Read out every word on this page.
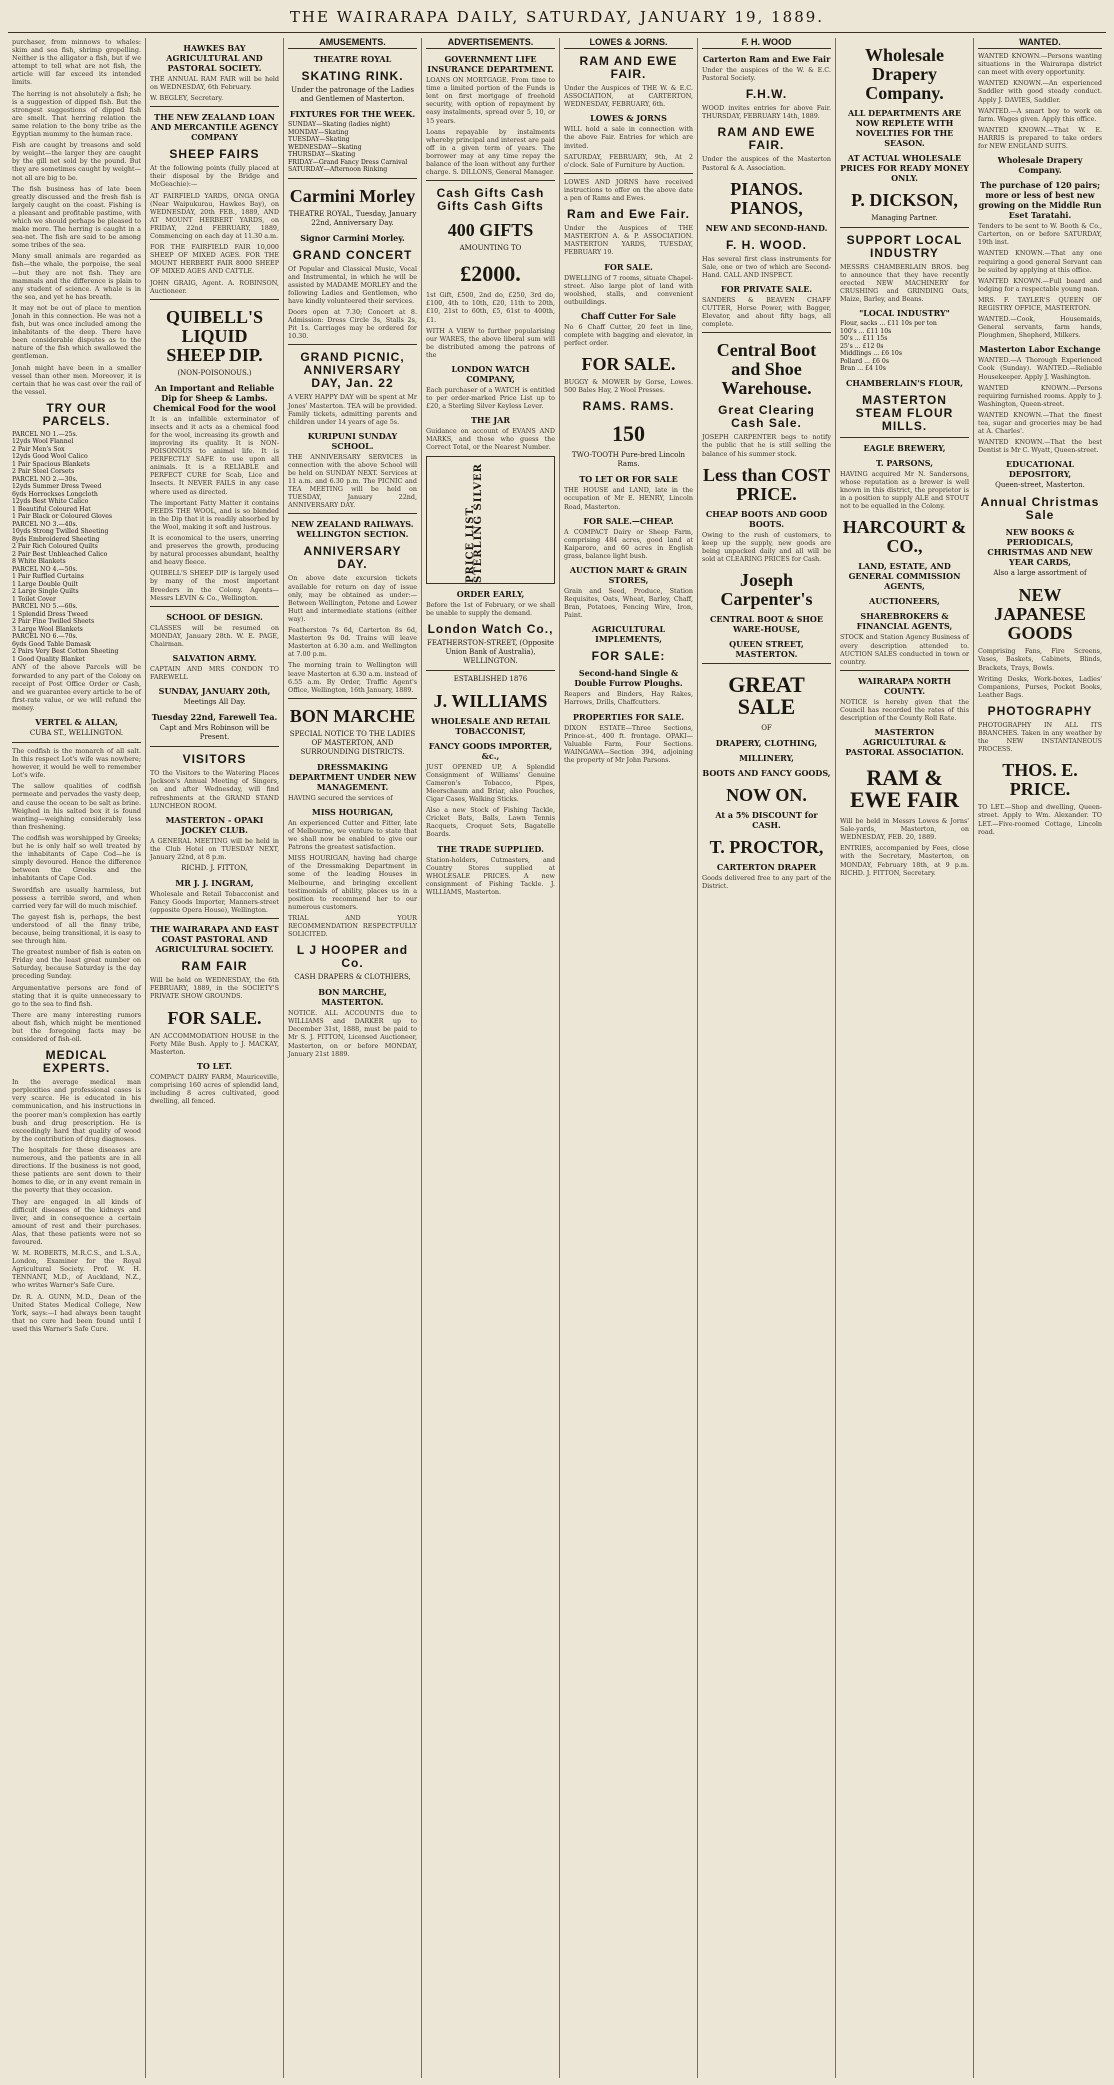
THE WAIRARAPA DAILY, SATURDAY, JANUARY 19, 1889.

purchaser, from minnows to whales: skim and sea fish, shrimp gropelling. Neither is the alligator a fish, but if we attempt to tell what are not fish, the article will far exceed its intended limits.

The herring is not absolutely a fish; he is a suggestion of dipped fish. But the strongest suggestions of dipped fish are smelt. That herring relation the same relation to the bony tribe as the Egyptian mummy to the human race.

Fish are caught by treasons and sold by weight—the larger they are caught by the gill net sold by the pound. But they are sometimes caught by weight—not all are big to be.

The fish business has of late been greatly discussed and the fresh fish is largely caught on the coast. Fishing is a pleasant and profitable pastime, with which we should perhaps be pleased to make more. The herring is caught in a sea-net. The fish are said to be among some tribes of the sea.

Many small animals are regarded as fish—the whale, the porpoise, the seal—but they are not fish. They are mammals and the difference is plain to any student of science. A whale is in the sea, and yet he has breath.

It may not be out of place to mention Jonah in this connection. He was not a fish, but was once included among the inhabitants of the deep. There have been considerable disputes as to the nature of the fish which swallowed the gentleman.

Jonah might have been in a smaller vessel than other men. Moreover, it is certain that he was cast over the rail of the vessel.

TRY OUR PARCELS.
PARCEL NO 1.—25s.
12yds Wool Flannel
2 Pair Men's Sox
12yds Good Wool Calico
1 Pair Spacious Blankets
2 Pair Steel Corsets
PARCEL NO 2.—30s.
12yds Summer Dress Tweed
6yds Horrockses Longcloth
12yds Best White Calico
1 Beautiful Coloured Hat
1 Pair Black or Coloured Gloves
PARCEL NO 3.—40s.
10yds Strong Twilled Sheeting
8yds Embroidered Sheeting
2 Pair Rich Coloured Quilts
2 Pair Best Unbleached Calico
8 White Blankets
PARCEL NO 4.—50s.
1 Pair Ruffled Curtains
1 Large Double Quilt
2 Large Single Quilts
1 Toilet Cover
PARCEL NO 5.—60s.
1 Splendid Dress Tweed
2 Pair Fine Twilled Sheets
3 Large Wool Blankets
PARCEL NO 6.—70s.
6yds Good Table Damask
2 Pairs Very Best Cotton Sheeting
1 Good Quality Blanket

ANY of the above Parcels will be forwarded to any part of the Colony on receipt of Post Office Order or Cash, and we guarantee every article to be of first-rate value, or we will refund the money.

VERTEL & ALLAN,
CUBA ST., WELLINGTON.

The codfish is the monarch of all salt. In this respect Lot's wife was nowhere; however, it would be well to remember Lot's wife.

The sallow qualities of codfish permeate and pervades the vasty deep, and cause the ocean to be salt as brine. Weighed in his salted box it is found wanting—weighing considerably less than freshening.

The codfish was worshipped by Greeks; but he is only half so well treated by the inhabitants of Cape Cod—he is simply devoured. Hence the difference between the Greeks and the inhabitants of Cape Cod.

Swordfish are usually harmless, but possess a terrible sword, and when carried very far will do much mischief.

The gayest fish is, perhaps, the best understood of all the finny tribe, because, being transitional, it is easy to see through him.

The greatest number of fish is eaten on Friday and the least great number on Saturday, because Saturday is the day preceding Sunday.

Argumentative persons are fond of stating that it is quite unnecessary to go to the sea to find fish.

There are many interesting rumors about fish, which might be mentioned but the foregoing facts may be considered of fish-oil.

MEDICAL EXPERTS.

In the average medical man perplexities and professional cases is very scarce. He is educated in his communication, and his instructions in the poorer man's complexion has eartly bush and drug prescription. He is exceedingly hard that quality of wood by the contribution of drug diagnoses.

The hospitals for these diseases are numerous, and the patients are in all directions. If the business is not good, these patients are sent down to their homes to die, or in any event remain in the poverty that they occasion.

They are engaged in all kinds of difficult diseases of the kidneys and liver, and in consequence a certain amount of rest and their purchases. Alas, that these patients were not so favoured.

W. M. ROBERTS, M.R.C.S., and L.S.A., London, Examiner for the Royal Agricultural Society. Prof. W. H. TENNANT, M.D., of Auckland, N.Z., who writes Warner's Safe Cure.

Dr. R. A. GUNN, M.D., Dean of the United States Medical College, New York, says:—I had always been taught that no cure had been found until I used this Warner's Safe Cure.

HAWKES BAY AGRICULTURAL AND PASTORAL SOCIETY.

THE ANNUAL RAM FAIR will be held on WEDNESDAY, 6th February.

W. BEGLEY, Secretary.

THE NEW ZEALAND LOAN AND MERCANTILE AGENCY COMPANY
SHEEP FAIRS

At the following points (fully placed at their disposal by the Bridge and McGeachie):—

AT FAIRFIELD YARDS, ONGA ONGA (Near Waipukurau, Hawkes Bay), on WEDNESDAY, 20th FEB., 1889, AND AT MOUNT HERBERT YARDS, on FRIDAY, 22nd FEBRUARY, 1889, Commencing on each day at 11.30 a.m.

FOR THE FAIRFIELD FAIR 10,000 SHEEP OF MIXED AGES. FOR THE MOUNT HERBERT FAIR 8000 SHEEP OF MIXED AGES AND CATTLE.

JOHN GRAIG, Agent. A. ROBINSON, Auctioneer.

QUIBELL'S LIQUID SHEEP DIP.
(NON-POISONOUS.)
An Important and Reliable Dip for Sheep & Lambs. Chemical Food for the wool

It is an infallible exterminator of insects and it acts as a chemical food for the wool, increasing its growth and improving its quality. It is NON-POISONOUS to animal life. It is PERFECTLY SAFE to use upon all animals. It is a RELIABLE and PERFECT CURE for Scab, Lice and Insects. It NEVER FAILS in any case where used as directed.

The important Fatty Matter it contains FEEDS THE WOOL, and is so blended in the Dip that it is readily absorbed by the Wool, making it soft and lustrous.

It is economical to the users, unerring and preserves the growth, producing by natural processes abundant, healthy and heavy fleece.

QUIBELL'S SHEEP DIP is largely used by many of the most important Breeders in the Colony. Agents—Messrs LEVIN & Co., Wellington.

SCHOOL OF DESIGN.

CLASSES will be resumed on MONDAY, January 28th. W. E. PAGE, Chairman.

SALVATION ARMY.

CAPTAIN AND MRS CONDON TO FAREWELL

SUNDAY, JANUARY 20th,
Meetings All Day.
Tuesday 22nd, Farewell Tea.
Capt and Mrs Robinson will be Present.
VISITORS

TO the Visitors to the Watering Places Jackson's Annual Meeting of Singers, on and after Wednesday, will find refreshments at the GRAND STAND LUNCHEON ROOM.

MASTERTON - OPAKI JOCKEY CLUB.

A GENERAL MEETING will be held in the Club Hotel on TUESDAY NEXT, January 22nd, at 8 p.m.

RICHD. J. FITTON,
MR J. J. INGRAM,

Wholesale and Retail Tobacconist and Fancy Goods Importer, Manners-street (opposite Opera House), Wellington.

THE WAIRARAPA AND EAST COAST PASTORAL AND AGRICULTURAL SOCIETY.
RAM FAIR

Will be held on WEDNESDAY, the 6th FEBRUARY, 1889, in the SOCIETY'S PRIVATE SHOW GROUNDS.

FOR SALE.

AN ACCOMMODATION HOUSE in the Forty Mile Bush. Apply to J. MACKAY, Masterton.

TO LET.

COMPACT DAIRY FARM, Mauriceville, comprising 160 acres of splendid land, including 8 acres cultivated, good dwelling, all fenced.

AMUSEMENTS.
THEATRE ROYAL
SKATING RINK.
Under the patronage of the Ladies and Gentlemen of Masterton.
FIXTURES FOR THE WEEK.
SUNDAY—Skating (ladies night)
MONDAY—Skating
TUESDAY—Skating
WEDNESDAY—Skating
THURSDAY—Skating
FRIDAY—Grand Fancy Dress Carnival
SATURDAY—Afternoon Rinking
Carmini Morley
THEATRE ROYAL, Tuesday, January 22nd, Anniversary Day.
Signor Carmini Morley.
GRAND CONCERT

Of Popular and Classical Music, Vocal and Instrumental, in which he will be assisted by MADAME MORLEY and the following Ladies and Gentlemen, who have kindly volunteered their services.

Doors open at 7.30; Concert at 8. Admission: Dress Circle 3s, Stalls 2s, Pit 1s. Carriages may be ordered for 10.30.

GRAND PICNIC, ANNIVERSARY DAY, Jan. 22

A VERY HAPPY DAY will be spent at Mr Jones' Masterton. TEA will be provided. Family tickets, admitting parents and children under 14 years of age 5s.

KURIPUNI SUNDAY SCHOOL.

THE ANNIVERSARY SERVICES in connection with the above School will be held on SUNDAY NEXT. Services at 11 a.m. and 6.30 p.m. The PICNIC and TEA MEETING will be held on TUESDAY, January 22nd, ANNIVERSARY DAY.

NEW ZEALAND RAILWAYS. WELLINGTON SECTION.
ANNIVERSARY DAY.

On above date excursion tickets available for return on day of issue only, may be obtained as under:—Between Wellington, Petone and Lower Hutt and intermediate stations (either way).

Featherston 7s 6d, Carterton 8s 6d, Masterton 9s 0d. Trains will leave Masterton at 6.30 a.m. and Wellington at 7.00 p.m.

The morning train to Wellington will leave Masterton at 6.30 a.m. instead of 6.55 a.m. By Order, Traffic Agent's Office, Wellington, 16th January, 1889.

BON MARCHE
SPECIAL NOTICE TO THE LADIES OF MASTERTON, AND SURROUNDING DISTRICTS.
DRESSMAKING DEPARTMENT UNDER NEW MANAGEMENT.

HAVING secured the services of

MISS HOURIGAN,

An experienced Cutter and Fitter, late of Melbourne, we venture to state that we shall now be enabled to give our Patrons the greatest satisfaction.

MISS HOURIGAN, having had charge of the Dressmaking Department in some of the leading Houses in Melbourne, and bringing excellent testimonials of ability, places us in a position to recommend her to our numerous customers.

TRIAL AND YOUR RECOMMENDATION RESPECTFULLY SOLICITED.

L J HOOPER and Co.
CASH DRAPERS & CLOTHIERS,
BON MARCHE, MASTERTON.

NOTICE. ALL ACCOUNTS due to WILLIAMS and DARKER up to December 31st, 1888, must be paid to Mr S. J. FITTON, Licensed Auctioneer, Masterton, on or before MONDAY, January 21st 1889.

ADVERTISEMENTS.
GOVERNMENT LIFE INSURANCE DEPARTMENT.

LOANS ON MORTGAGE. From time to time a limited portion of the Funds is lent on first mortgage of freehold security, with option of repayment by easy instalments, spread over 5, 10, or 15 years.

Loans repayable by instalments whereby principal and interest are paid off in a given term of years. The borrower may at any time repay the balance of the loan without any further charge. S. DILLONS, General Manager.

Cash Gifts Cash Gifts Cash Gifts
400 GIFTS
AMOUNTING TO
£2000.

1st Gift, £500, 2nd do, £250, 3rd do, £100, 4th to 10th, £20, 11th to 20th, £10, 21st to 60th, £5, 61st to 400th, £1.

WITH A VIEW to further popularising our WARES, the above liberal sum will be distributed among the patrons of the

LONDON WATCH COMPANY,

Each purchaser of a WATCH is entitled to per order-marked Price List up to £20, a Sterling Silver Keyless Lever.

THE JAR

Guidance on account of EVANS AND MARKS, and those who guess the Correct Total, or the Nearest Number.

PRICE LIST. STERLING SILVER
ORDER EARLY,

Before the 1st of February, or we shall be unable to supply the demand.

London Watch Co.,
FEATHERSTON-STREET, (Opposite Union Bank of Australia), WELLINGTON.
ESTABLISHED 1876
J. WILLIAMS
WHOLESALE AND RETAIL TOBACCONIST,
FANCY GOODS IMPORTER, &c.,

JUST OPENED UP, A Splendid Consignment of Williams' Genuine Cameron's Tobacco, Pipes, Meerschaum and Briar, also Pouches, Cigar Cases, Walking Sticks.

Also a new Stock of Fishing Tackle, Cricket Bats, Balls, Lawn Tennis Racquets, Croquet Sets, Bagatelle Boards.

THE TRADE SUPPLIED.

Station-holders, Cutmasters, and Country Stores supplied at WHOLESALE PRICES. A new consignment of Fishing Tackle. J. WILLIAMS, Masterton.

LOWES & JORNS.
RAM AND EWE FAIR.

Under the Auspices of THE W. & E.C. ASSOCIATION, at CARTERTON, WEDNESDAY, FEBRUARY, 6th.

LOWES & JORNS

WILL hold a sale in connection with the above Fair. Entries for which are invited.

SATURDAY, FEBRUARY, 9th, At 2 o'clock. Sale of Furniture by Auction.

LOWES AND JORNS have received instructions to offer on the above date a pen of Rams and Ewes.

Ram and Ewe Fair.

Under the Auspices of THE MASTERTON A. & P. ASSOCIATION. MASTERTON YARDS, TUESDAY, FEBRUARY 19.

FOR SALE.

DWELLING of 7 rooms, situate Chapel-street. Also large plot of land with woolshed, stalls, and convenient outbuildings.

Chaff Cutter For Sale

No 6 Chaff Cutter, 20 feet in line, complete with bagging and elevator, in perfect order.

FOR SALE.

BUGGY & MOWER by Gorse, Lowes. 500 Bales Hay, 2 Wool Presses.

RAMS. RAMS.
150
TWO-TOOTH Pure-bred Lincoln Rams.
TO LET OR FOR SALE

THE HOUSE and LAND, late in the occupation of Mr E. HENRY, Lincoln Road, Masterton.

FOR SALE.—CHEAP.

A COMPACT Dairy or Sheep Farm, comprising 484 acres, good land at Kaiparoro, and 60 acres in English grass, balance light bush.

AUCTION MART & GRAIN STORES,

Grain and Seed, Produce, Station Requisites, Oats, Wheat, Barley, Chaff, Bran, Potatoes, Fencing Wire, Iron, Paint.

AGRICULTURAL IMPLEMENTS,
FOR SALE:
Second-hand Single & Double Furrow Ploughs.

Reapers and Binders, Hay Rakes, Harrows, Drills, Chaffcutters.

PROPERTIES FOR SALE.

DIXON ESTATE—Three Sections, Prince-st., 400 ft. frontage. OPAKI—Valuable Farm, Four Sections. WAINGAWA—Section 394, adjoining the property of Mr John Parsons.

F. H. WOOD
Carterton Ram and Ewe Fair

Under the auspices of the W. & E.C. Pastoral Society.

F.H.W.

WOOD invites entries for above Fair. THURSDAY, FEBRUARY 14th, 1889.

RAM AND EWE FAIR.

Under the auspices of the Masterton Pastoral & A. Association.

PIANOS. PIANOS,
NEW AND SECOND-HAND.
F. H. WOOD.

Has several first class instruments for Sale, one or two of which are Second-Hand. CALL AND INSPECT.

FOR PRIVATE SALE.

SANDERS & BEAVEN CHAFF CUTTER, Horse Power, with Bagger, Elevator, and about fifty bags, all complete.

Central Boot and Shoe Warehouse.
Great Clearing Cash Sale.

JOSEPH CARPENTER begs to notify the public that he is still selling the balance of his summer stock.

Less than COST PRICE.
CHEAP BOOTS AND GOOD BOOTS.

Owing to the rush of customers, to keep up the supply, new goods are being unpacked daily and all will be sold at CLEARING PRICES for Cash.

Joseph Carpenter's
CENTRAL BOOT & SHOE WARE-HOUSE,
QUEEN STREET, MASTERTON.
GREAT SALE
OF
DRAPERY, CLOTHING,
MILLINERY,
BOOTS AND FANCY GOODS,
NOW ON.
At a 5% DISCOUNT for CASH.
T. PROCTOR,
CARTERTON DRAPER

Goods delivered free to any part of the District.

Wholesale Drapery Company.
ALL DEPARTMENTS ARE NOW REPLETE WITH NOVELTIES FOR THE SEASON.
AT ACTUAL WHOLESALE PRICES FOR READY MONEY ONLY.
P. DICKSON,
Managing Partner.
SUPPORT LOCAL INDUSTRY

MESSRS CHAMBERLAIN BROS. beg to announce that they have recently erected NEW MACHINERY for CRUSHING and GRINDING Oats, Maize, Barley, and Beans.

"LOCAL INDUSTRY"
Flour, sacks ... £11 10s per ton
100's ... £11 10s
50's ... £11 15s
25's ... £12 0s
Middlings ... £6 10s
Pollard ... £6 0s
Bran ... £4 10s
CHAMBERLAIN'S FLOUR,
MASTERTON STEAM FLOUR MILLS.
EAGLE BREWERY,
T. PARSONS,

HAVING acquired Mr N. Sandersons, whose reputation as a brewer is well known in this district, the proprietor is in a position to supply ALE and STOUT not to be equalled in the Colony.

HARCOURT & CO.,
LAND, ESTATE, AND GENERAL COMMISSION AGENTS,
AUCTIONEERS,
SHAREBROKERS & FINANCIAL AGENTS,

STOCK and Station Agency Business of every description attended to. AUCTION SALES conducted in town or country.

WAIRARAPA NORTH COUNTY.

NOTICE is hereby given that the Council has recorded the rates of this description of the County Roll Rate.

MASTERTON AGRICULTURAL & PASTORAL ASSOCIATION.
RAM & EWE FAIR

Will be held in Messrs Lowes & Jorns' Sale-yards, Masterton, on WEDNESDAY, FEB. 20, 1889.

ENTRIES, accompanied by Fees, close with the Secretary, Masterton, on MONDAY, February 18th, at 9 p.m. RICHD. J. FITTON, Secretary.

WANTED.

WANTED KNOWN.—Persons wanting situations in the Wairarapa district can meet with every opportunity.

WANTED KNOWN.—An experienced Saddler with good steady conduct. Apply J. DAVIES, Saddler.

WANTED.—A smart boy to work on farm. Wages given. Apply this office.

WANTED KNOWN.—That W. E. HARRIS is prepared to take orders for NEW ENGLAND SUITS.

Wholesale Drapery Company.
The purchase of 120 pairs; more or less of best new growing on the Middle Run Eset Taratahi.

Tenders to be sent to W. Booth & Co., Carterton, on or before SATURDAY, 19th inst.

WANTED KNOWN.—That any one requiring a good general Servant can be suited by applying at this office.

WANTED KNOWN.—Full board and lodging for a respectable young man.

MRS. F. TAYLER'S QUEEN OF REGISTRY OFFICE, MASTERTON.

WANTED.—Cook, Housemaids, General servants, farm hands, Ploughmen, Shepherd, Milkers.

Masterton Labor Exchange

WANTED.—A Thorough Experienced Cook (Sunday). WANTED.—Reliable Housekeeper. Apply J. Washington.

WANTED KNOWN.—Persons requiring furnished rooms. Apply to J. Washington, Queen-street.

WANTED KNOWN.—That the finest tea, sugar and groceries may be had at A. Charles'.

WANTED KNOWN.—That the best Dentist is Mr C. Wyatt, Queen-street.

EDUCATIONAL DEPOSITORY,
Queen-street, Masterton.
Annual Christmas Sale
NEW BOOKS & PERIODICALS, CHRISTMAS AND NEW YEAR CARDS,
Also a large assortment of
NEW JAPANESE GOODS

Comprising Fans, Fire Screens, Vases, Baskets, Cabinets, Blinds, Brackets, Trays, Bowls.

Writing Desks, Work-boxes, Ladies' Companions, Purses, Pocket Books, Leather Bags.

PHOTOGRAPHY

PHOTOGRAPHY IN ALL ITS BRANCHES. Taken in any weather by the NEW INSTANTANEOUS PROCESS.

THOS. E. PRICE.

TO LET.—Shop and dwelling, Queen-street. Apply to Wm. Alexander. TO LET.—Five-roomed Cottage, Lincoln road.
